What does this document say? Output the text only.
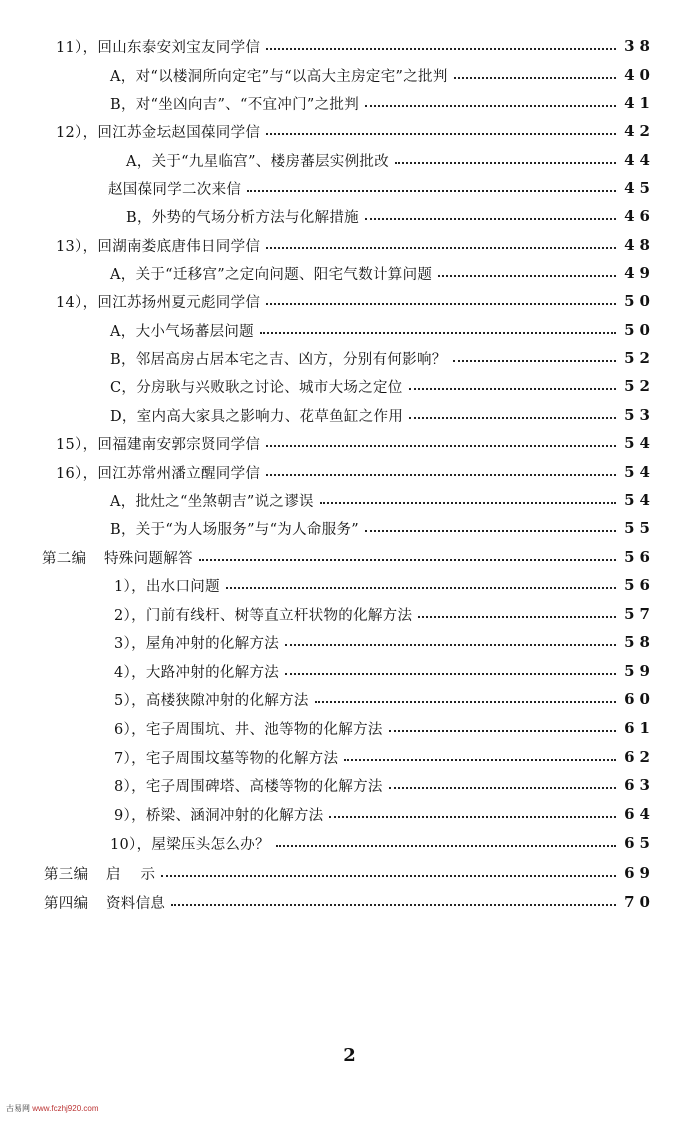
11），回山东泰安刘宝友同学信	38
A，对“以楼洞所向定宅”与“以高大主房定宅”之批判	40
B，对“坐凶向吉”、“不宜冲门”之批判	41
12），回江苏金坛赵国葆同学信	42
A，关于“九星临宫”、楼房蕃层实例批改	44
赵国葆同学二次来信	45
B，外势的气场分析方法与化解措施	46
13），回湖南娄底唐伟日同学信	48
A，关于“迁移宫”之定向问题、阳宅气数计算问题	49
14），回江苏扬州夏元彪同学信	50
A，大小气场蕃层问题	50
B，邻居高房占居本宅之吉、凶方，分别有何影响？	52
C，分房耿与兴败耿之讨论、城市大场之定位	52
D，室内高大家具之影响力、花草鱼缸之作用	53
15），回福建南安郭宗贤同学信	54
16），回江苏常州潘立醒同学信	54
A，批灶之“坐煞朝吉”说之谬误	54
B，关于“为人场服务”与“为人命服务”	55
第二编 特殊问题解答	56
1），出水口问题	56
2），门前有线杆、树等直立杆状物的化解方法	57
3），屋角冲射的化解方法	58
4），大路冲射的化解方法	59
5），高楼狭隙冲射的化解方法	60
6），宅子周围坑、井、池等物的化解方法	61
7），宅子周围坟墓等物的化解方法	62
8），宅子周围碑塔、高楼等物的化解方法	63
9），桥梁、涵洞冲射的化解方法	64
10），屋梁压头怎么办？	65
第三编 启　 示	69
第四编 资料信息	70
2
古易网 www.fczhj920.com
